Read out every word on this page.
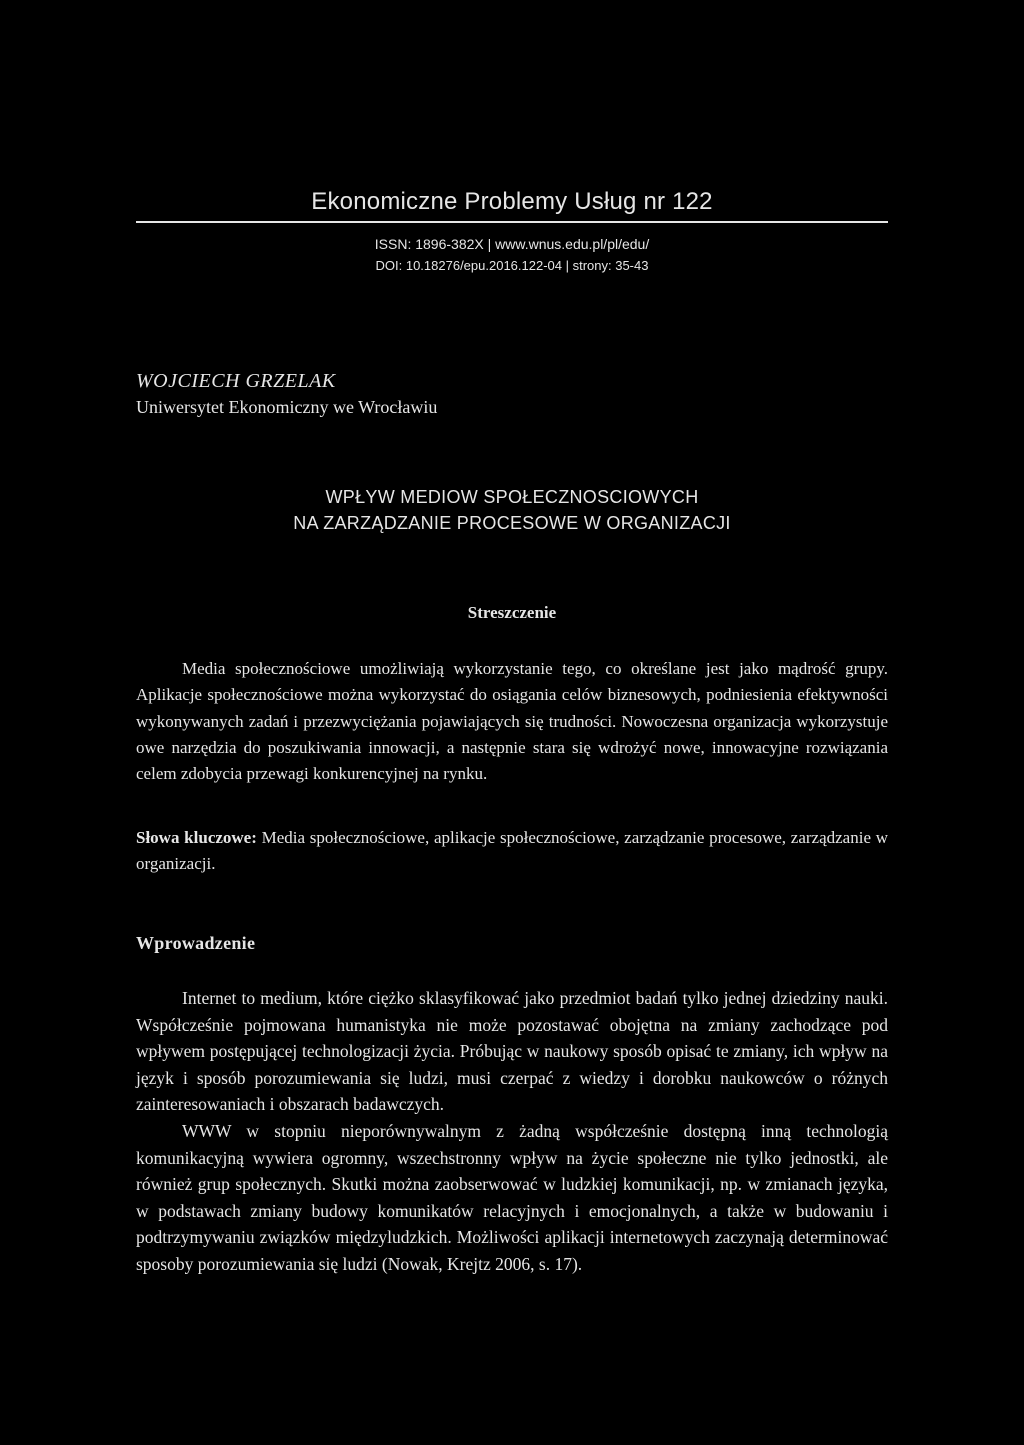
Ekonomiczne Problemy Usług nr 122
ISSN: 1896-382X | www.wnus.edu.pl/pl/edu/
DOI: 10.18276/epu.2016.122-04 | strony: 35-43
WOJCIECH GRZELAK
Uniwersytet Ekonomiczny we Wrocławiu
WPŁYW MEDIOW SPOŁECZNOSCIOWYCH
NA ZARZĄDZANIE PROCESOWE W ORGANIZACJI
Streszczenie

Media społecznościowe umożliwiają wykorzystanie tego, co określane jest jako mądrość grupy. Aplikacje społecznościowe można wykorzystać do osiągania celów biznesowych, podniesienia efektywności wykonywanych zadań i przezwyciężania pojawiających się trudności. Nowoczesna organizacja wykorzystuje owe narzędzia do poszukiwania innowacji, a następnie stara się wdrożyć nowe, innowacyjne rozwiązania celem zdobycia przewagi konkurencyjnej na rynku.

Słowa kluczowe: Media społecznościowe, aplikacje społecznościowe, zarządzanie procesowe, zarządzanie w organizacji.

Wprowadzenie

Internet to medium, które ciężko sklasyfikować jako przedmiot badań tylko jednej dziedziny nauki. Współcześnie pojmowana humanistyka nie może pozostawać obojętna na zmiany zachodzące pod wpływem postępującej technologizacji życia. Próbując w naukowy sposób opisać te zmiany, ich wpływ na język i sposób porozumiewania się ludzi, musi czerpać z wiedzy i dorobku naukowców o różnych zainteresowaniach i obszarach badawczych.

WWW w stopniu nieporównywalnym z żadną współcześnie dostępną inną technologią komunikacyjną wywiera ogromny, wszechstronny wpływ na życie społeczne nie tylko jednostki, ale również grup społecznych. Skutki można zaobserwować w ludzkiej komunikacji, np. w zmianach języka, w podstawach zmiany budowy komunikatów relacyjnych i emocjonalnych, a także w budowaniu i podtrzymywaniu związków międzyludzkich. Możliwości aplikacji internetowych zaczynają determinować sposoby porozumiewania się ludzi (Nowak, Krejtz 2006, s. 17).
